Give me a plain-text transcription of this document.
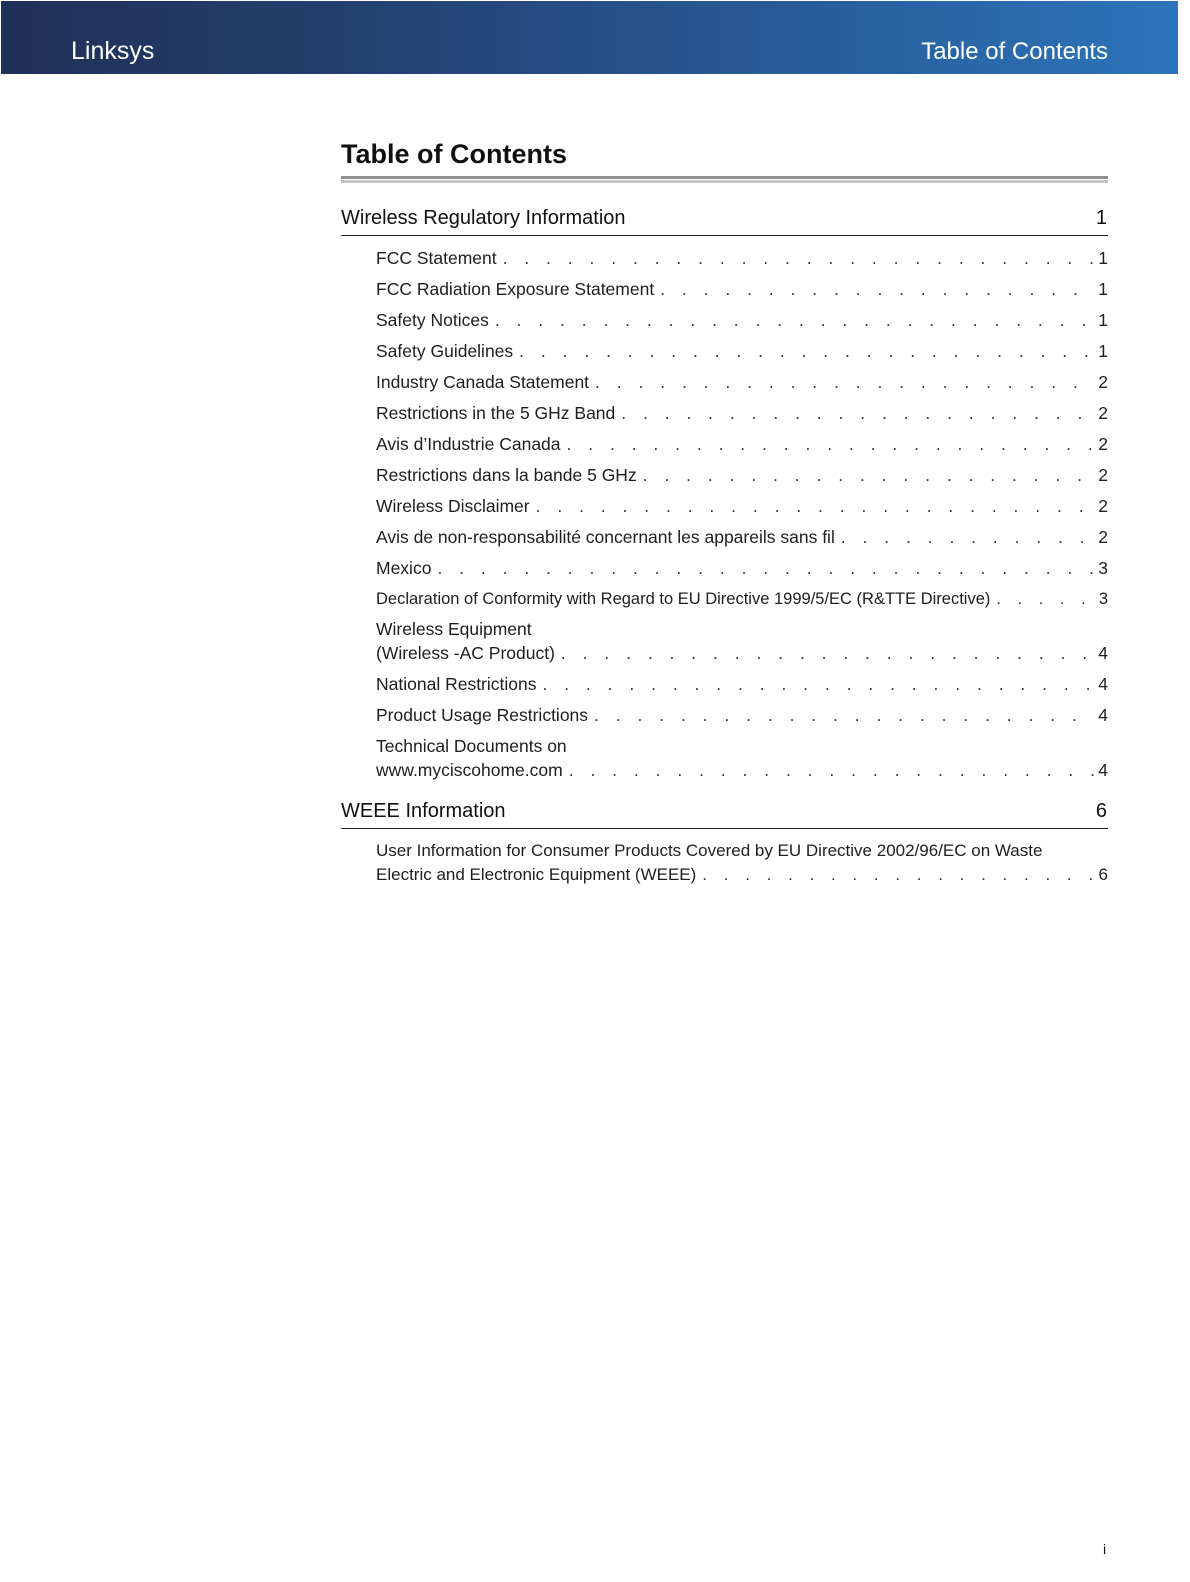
Linksys	Table of Contents
Table of Contents
Wireless Regulatory Information	1
FCC Statement . . .	1
FCC Radiation Exposure Statement . . .	1
Safety Notices . . .	1
Safety Guidelines . . .	1
Industry Canada Statement . . .	2
Restrictions in the 5 GHz Band . . .	2
Avis d’Industrie Canada . . .	2
Restrictions dans la bande 5 GHz . . .	2
Wireless Disclaimer . . .	2
Avis de non-responsabilité concernant les appareils sans fil . . .	2
Mexico . . .	3
Declaration of Conformity with Regard to EU Directive 1999/5/EC (R&TTE Directive) . . .	3
Wireless Equipment
(Wireless -AC Product) . . .	4
National Restrictions . . .	4
Product Usage Restrictions . . .	4
Technical Documents on
www.myciscohome.com . . .	4
WEEE Information	6
User Information for Consumer Products Covered by EU Directive 2002/96/EC on Waste
Electric and Electronic Equipment (WEEE) . . .	6
i
